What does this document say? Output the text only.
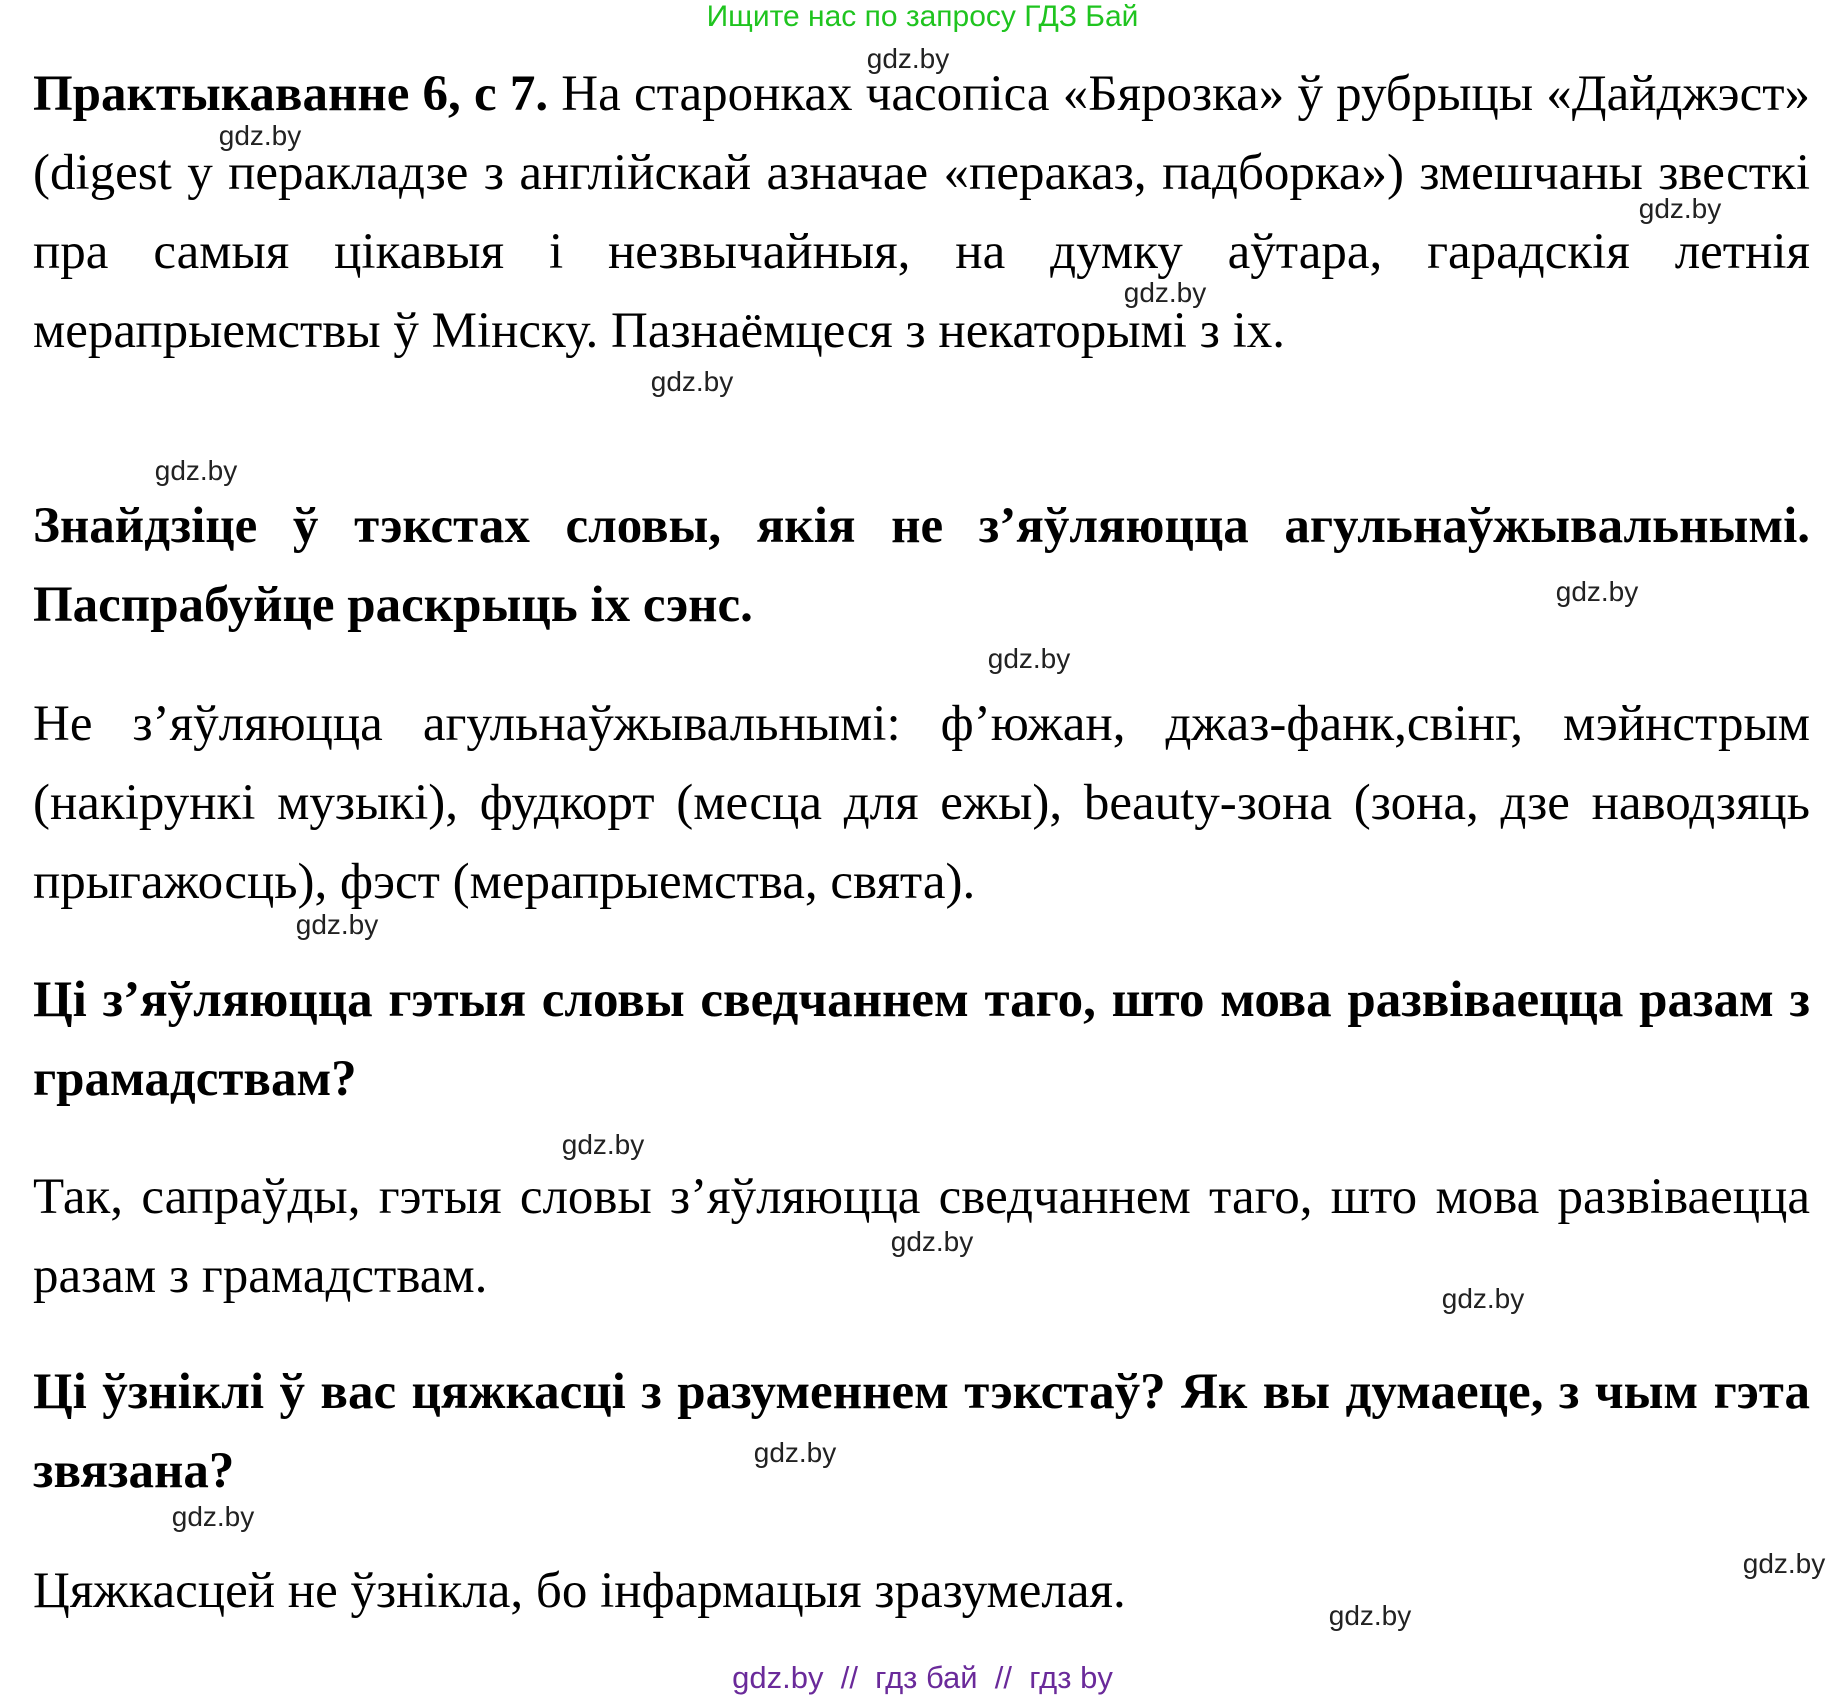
Ищите нас по запросу ГДЗ Бай
Практыкаванне 6, с 7. На старонках часопіса «Бярозка» ў рубрыцы «Дайджэст» (digest у перакладзе з англійскай азначае «пераказ, падборка») змешчаны звесткі пра самыя цікавыя і незвычайныя, на думку аўтара, гарадскія летнія мерапрыемствы ў Мінску. Пазнаёмцеся з некаторымі з іх.
Знайдзіце ў тэкстах словы, якія не з’яўляюцца агульнаўжывальнымі. Паспрабуйце раскрыць іх сэнс.
Не з’яўляюцца агульнаўжывальнымі: ф’южан, джаз-фанк,свінг, мэйнстрым (накірункі музыкі), фудкорт (месца для ежы), beauty-зона (зона, дзе наводзяць прыгажосць), фэст (мерапрыемства, свята).
Ці з’яўляюцца гэтыя словы сведчаннем таго, што мова развіваецца разам з грамадствам?
Так, сапраўды, гэтыя словы з’яўляюцца сведчаннем таго, што мова развіваецца разам з грамадствам.
Ці ўзніклі ў вас цяжкасці з разуменнем тэкстаў? Як вы думаеце, з чым гэта звязана?
Цяжкасцей не ўзнікла, бо інфармацыя зразумелая.
gdz.by
gdz.by
gdz.by
gdz.by
gdz.by
gdz.by
gdz.by
gdz.by
gdz.by
gdz.by
gdz.by
gdz.by
gdz.by
gdz.by
gdz.by
gdz.by
gdz.by  //  гдз бай  //  гдз by
